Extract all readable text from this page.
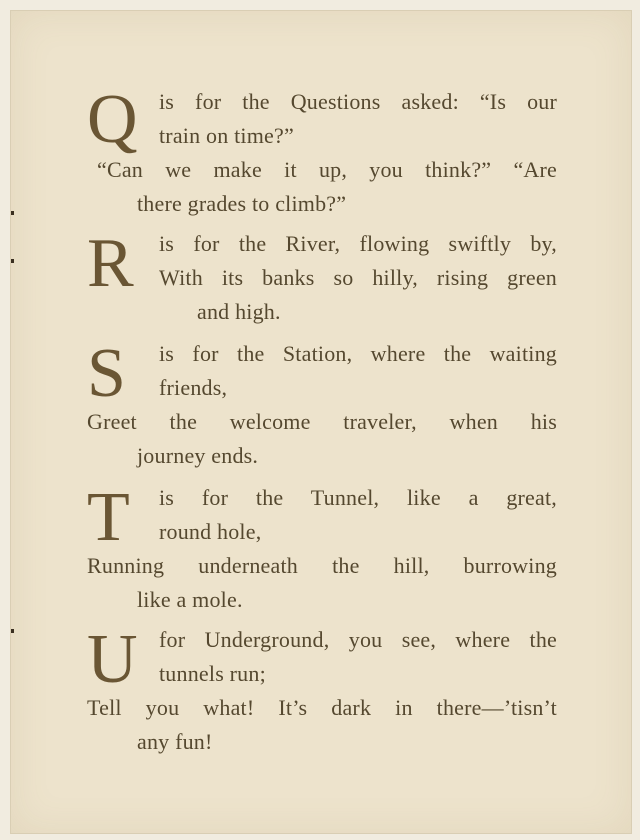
Q is for the Questions asked: “Is our
train on time?”
“Can we make it up, you think?” “Are
there grades to climb?”
R is for the River, flowing swiftly by,
With its banks so hilly, rising green
and high.
S is for the Station, where the waiting
friends,
Greet the welcome traveler, when his
journey ends.
T is for the Tunnel, like a great,
round hole,
Running underneath the hill, burrowing
like a mole.
U for Underground, you see, where the
tunnels run;
Tell you what! It’s dark in there—’tisn’t
any fun!
